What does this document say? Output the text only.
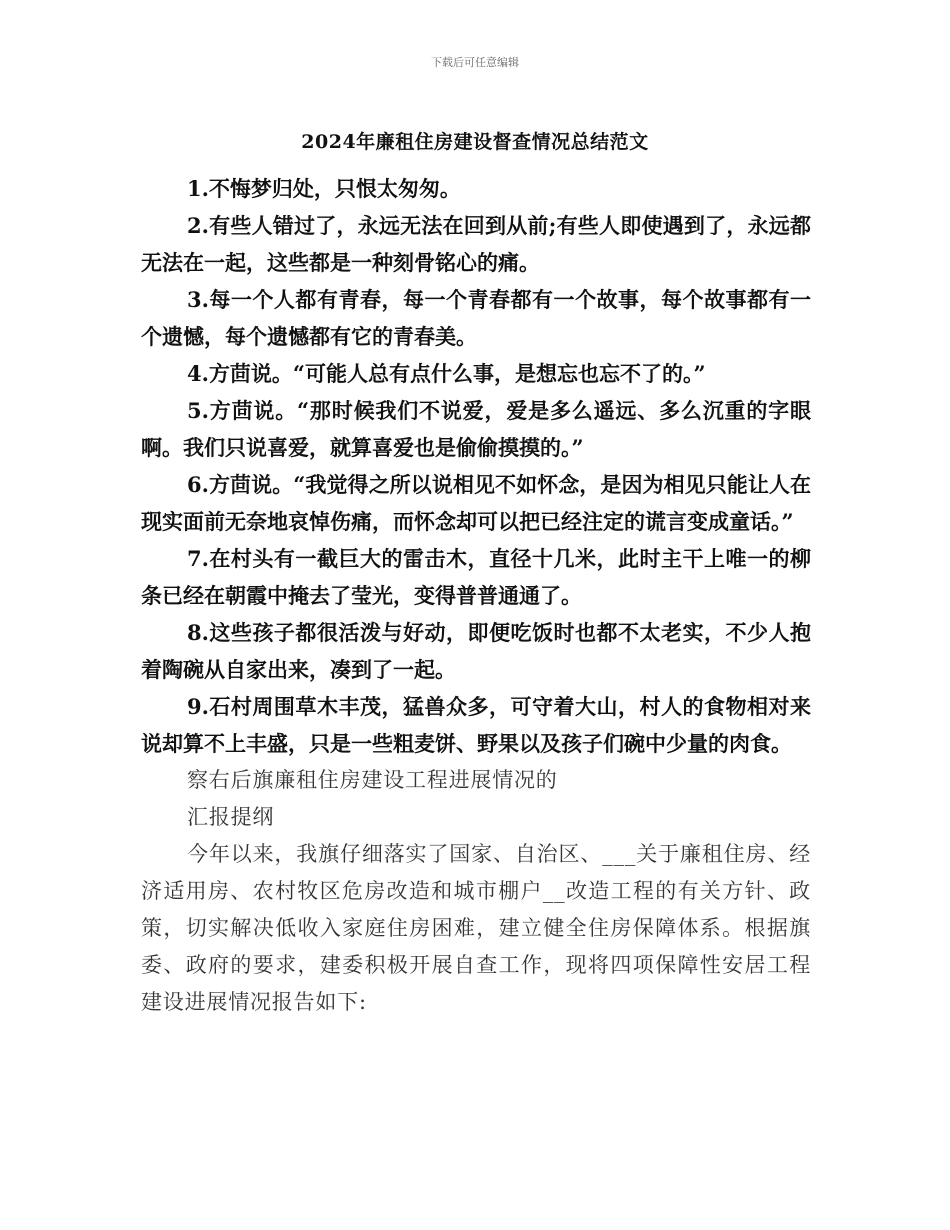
下载后可任意编辑
2024年廉租住房建设督查情况总结范文

1.不悔梦归处，只恨太匆匆。

2.有些人错过了，永远无法在回到从前;有些人即使遇到了，永远都无法在一起，这些都是一种刻骨铭心的痛。

3.每一个人都有青春，每一个青春都有一个故事，每个故事都有一个遗憾，每个遗憾都有它的青春美。

4.方茴说。“可能人总有点什么事，是想忘也忘不了的。”

5.方茴说。“那时候我们不说爱，爱是多么遥远、多么沉重的字眼啊。我们只说喜爱，就算喜爱也是偷偷摸摸的。”

6.方茴说。“我觉得之所以说相见不如怀念，是因为相见只能让人在现实面前无奈地哀悼伤痛，而怀念却可以把已经注定的谎言变成童话。”

7.在村头有一截巨大的雷击木，直径十几米，此时主干上唯一的柳条已经在朝霞中掩去了莹光，变得普普通通了。

8.这些孩子都很活泼与好动，即便吃饭时也都不太老实，不少人抱着陶碗从自家出来，凑到了一起。

9.石村周围草木丰茂，猛兽众多，可守着大山，村人的食物相对来说却算不上丰盛，只是一些粗麦饼、野果以及孩子们碗中少量的肉食。

察右后旗廉租住房建设工程进展情况的

汇报提纲

今年以来，我旗仔细落实了国家、自治区、___关于廉租住房、经济适用房、农村牧区危房改造和城市棚户__改造工程的有关方针、政策，切实解决低收入家庭住房困难，建立健全住房保障体系。根据旗委、政府的要求，建委积极开展自查工作，现将四项保障性安居工程建设进展情况报告如下:
